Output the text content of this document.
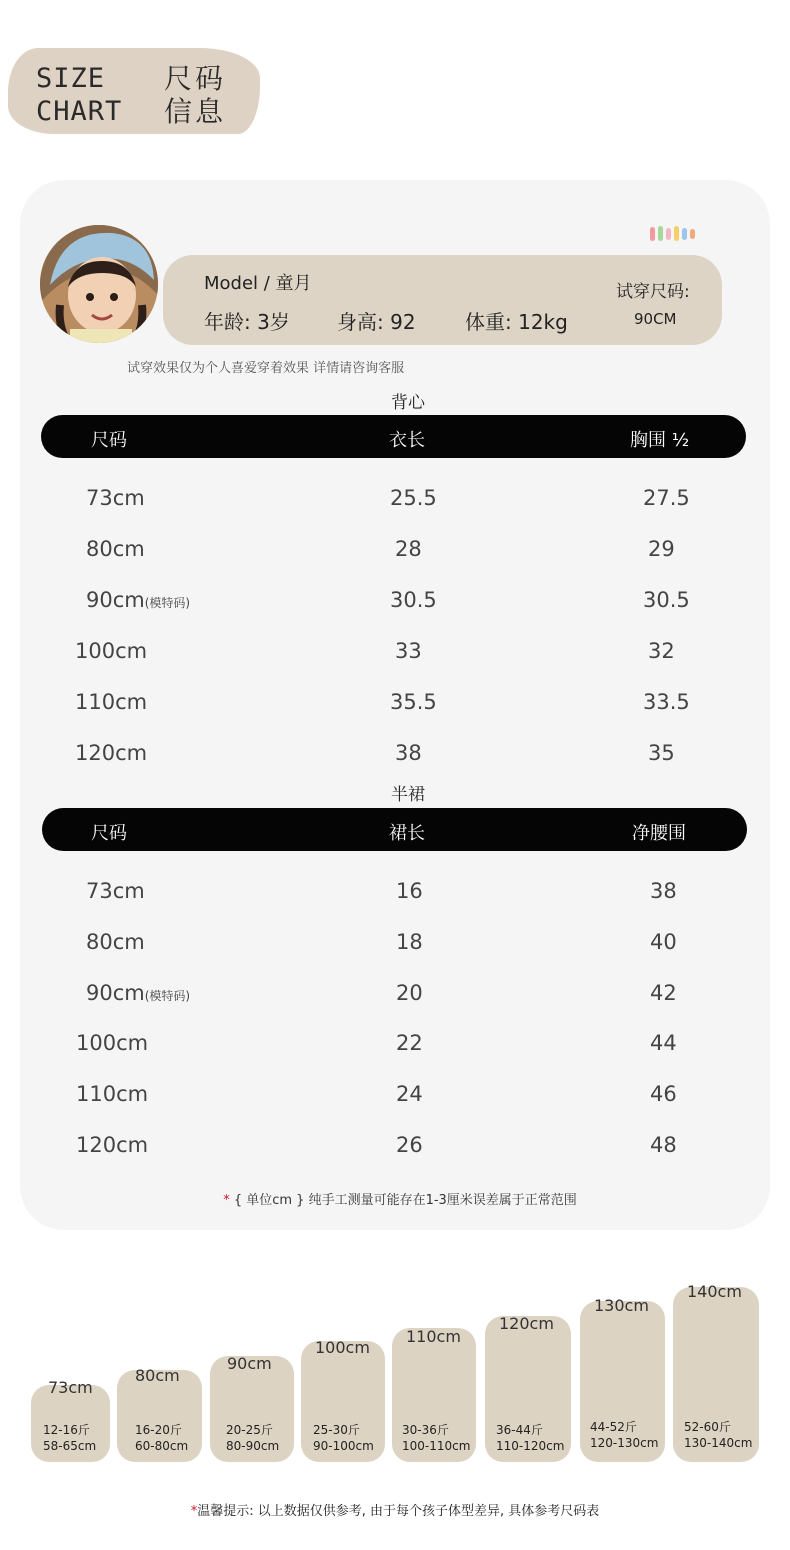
SIZE
CHART
尺码
信息
Model / 童月
年龄: 3岁 身高: 92 体重: 12kg
试穿尺码:
90CM
试穿效果仅为个人喜爱穿着效果 详情请咨询客服
背心
尺码	衣长	胸围 ½
73cm	25.5	27.5
80cm	28	29
90cm(模特码)	30.5	30.5
100cm	33	32
110cm	35.5	33.5
120cm	38	35
半裙
尺码	裙长	净腰围
73cm	16	38
80cm	18	40
90cm(模特码)	20	42
100cm	22	44
110cm	24	46
120cm	26	48
* { 单位cm } 纯手工测量可能存在1-3厘米误差属于正常范围
73cm
12-16斤
58-65cm
80cm
16-20斤
60-80cm
90cm
20-25斤
80-90cm
100cm
25-30斤
90-100cm
110cm
30-36斤
100-110cm
120cm
36-44斤
110-120cm
130cm
44-52斤
120-130cm
140cm
52-60斤
130-140cm
*温馨提示: 以上数据仅供参考, 由于每个孩子体型差异, 具体参考尺码表
